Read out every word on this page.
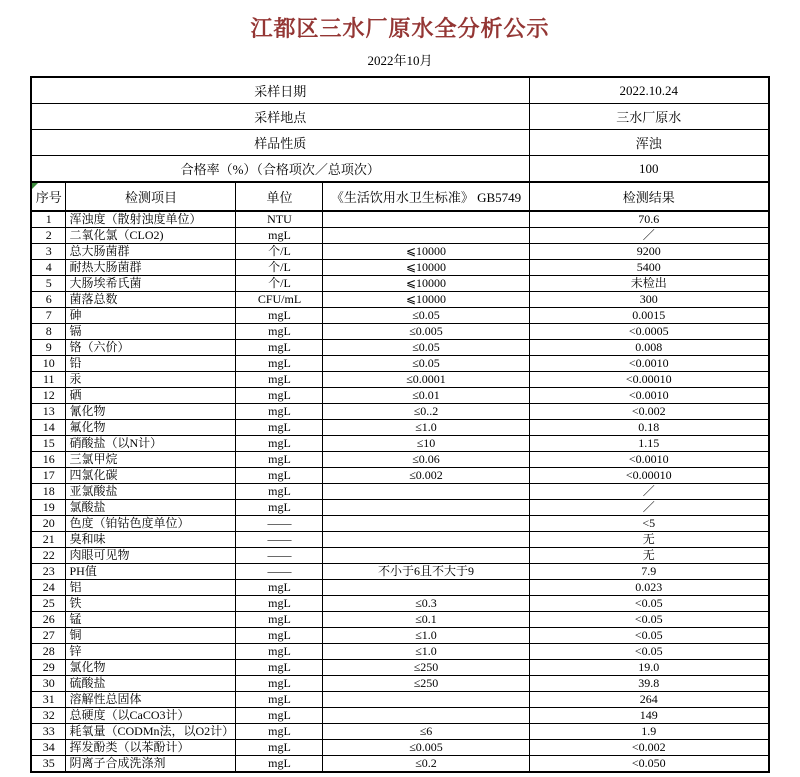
江都区三水厂原水全分析公示
2022年10月
采样日期				2022.10.24
采样地点				三水厂原水
样品性质				浑浊
合格率（%）（合格项次／总项次）				100
序号	检测项目	单位	《生活饮用水卫生标准》 GB5749	检测结果
1	浑浊度（散射浊度单位）	NTU		70.6
2	二氧化氯（CLO2)	mgL		／
3	总大肠菌群	个/L	⩽10000	9200
4	耐热大肠菌群	个/L	⩽10000	5400
5	大肠埃希氏菌	个/L	⩽10000	未检出
6	菌落总数	CFU/mL	⩽10000	300
7	砷	mgL	≤0.05	0.0015
8	镉	mgL	≤0.005	<0.0005
9	铬（六价）	mgL	≤0.05	0.008
10	铅	mgL	≤0.05	<0.0010
11	汞	mgL	≤0.0001	<0.00010
12	硒	mgL	≤0.01	<0.0010
13	氰化物	mgL	≤0..2	<0.002
14	氟化物	mgL	≤1.0	0.18
15	硝酸盐（以N计）	mgL	≤10	1.15
16	三氯甲烷	mgL	≤0.06	<0.0010
17	四氯化碳	mgL	≤0.002	<0.00010
18	亚氯酸盐	mgL		／
19	氯酸盐	mgL		／
20	色度（铂钴色度单位）	——		<5
21	臭和味	——		无
22	肉眼可见物	——		无
23	PH值	——	不小于6且不大于9	7.9
24	铝	mgL		0.023
25	铁	mgL	≤0.3	<0.05
26	锰	mgL	≤0.1	<0.05
27	铜	mgL	≤1.0	<0.05
28	锌	mgL	≤1.0	<0.05
29	氯化物	mgL	≤250	19.0
30	硫酸盐	mgL	≤250	39.8
31	溶解性总固体	mgL		264
32	总硬度（以CaCO3计）	mgL		149
33	耗氧量（CODMn法，以O2计）	mgL	≤6	1.9
34	挥发酚类（以苯酚计）	mgL	≤0.005	<0.002
35	阴离子合成洗涤剂	mgL	≤0.2	<0.050
